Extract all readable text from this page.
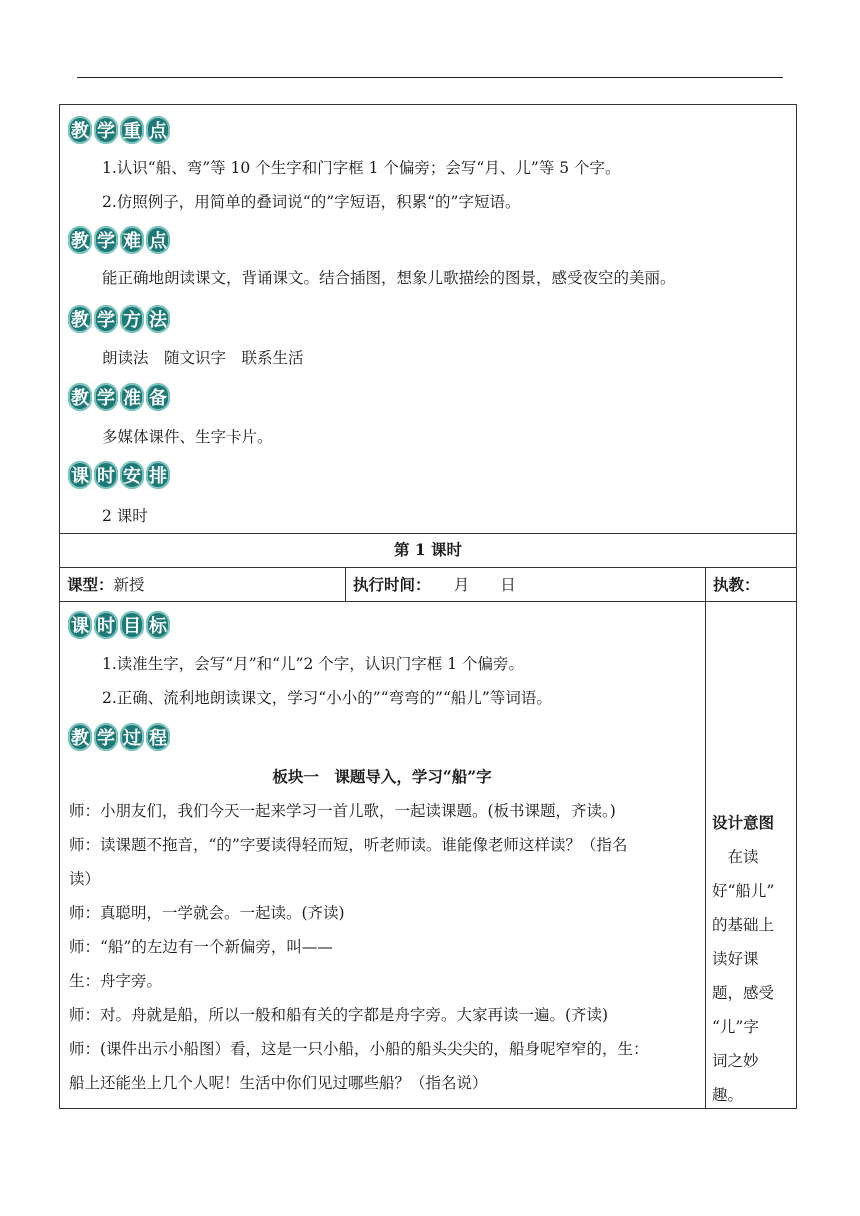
教 学 重 点
1.认识“船、弯”等 10 个生字和门字框 1 个偏旁；会写“月、儿”等 5 个字。
2.仿照例子，用简单的叠词说“的”字短语，积累“的”字短语。
教 学 难 点
能正确地朗读课文，背诵课文。结合插图，想象儿歌描绘的图景，感受夜空的美丽。
教 学 方 法
朗读法　随文识字　联系生活
教 学 准 备
多媒体课件、生字卡片。
课 时 安 排
2 课时
第 1 课时
课型：新授	执行时间：　　月　　日	执教：
课 时 目 标
1.读准生字，会写“月”和“儿”2 个字，认识门字框 1 个偏旁。
2.正确、流利地朗读课文，学习“小小的”“弯弯的”“船儿”等词语。
教 学 过 程
板块一　课题导入，学习“船”字
师：小朋友们，我们今天一起来学习一首儿歌，一起读课题。(板书课题，齐读。)
师：读课题不拖音，“的”字要读得轻而短，听老师读。谁能像老师这样读？（指名
读）
师：真聪明，一学就会。一起读。(齐读)
师：“船”的左边有一个新偏旁，叫——
生：舟字旁。
师：对。舟就是船，所以一般和船有关的字都是舟字旁。大家再读一遍。(齐读)
师：(课件出示小船图）看，这是一只小船，小船的船头尖尖的，船身呢窄窄的，生：
船上还能坐上几个人呢！生活中你们见过哪些船？（指名说）
设计意图
　在读
好“船儿”
的基础上
读好课
题，感受
“儿”字
词之妙
趣。
